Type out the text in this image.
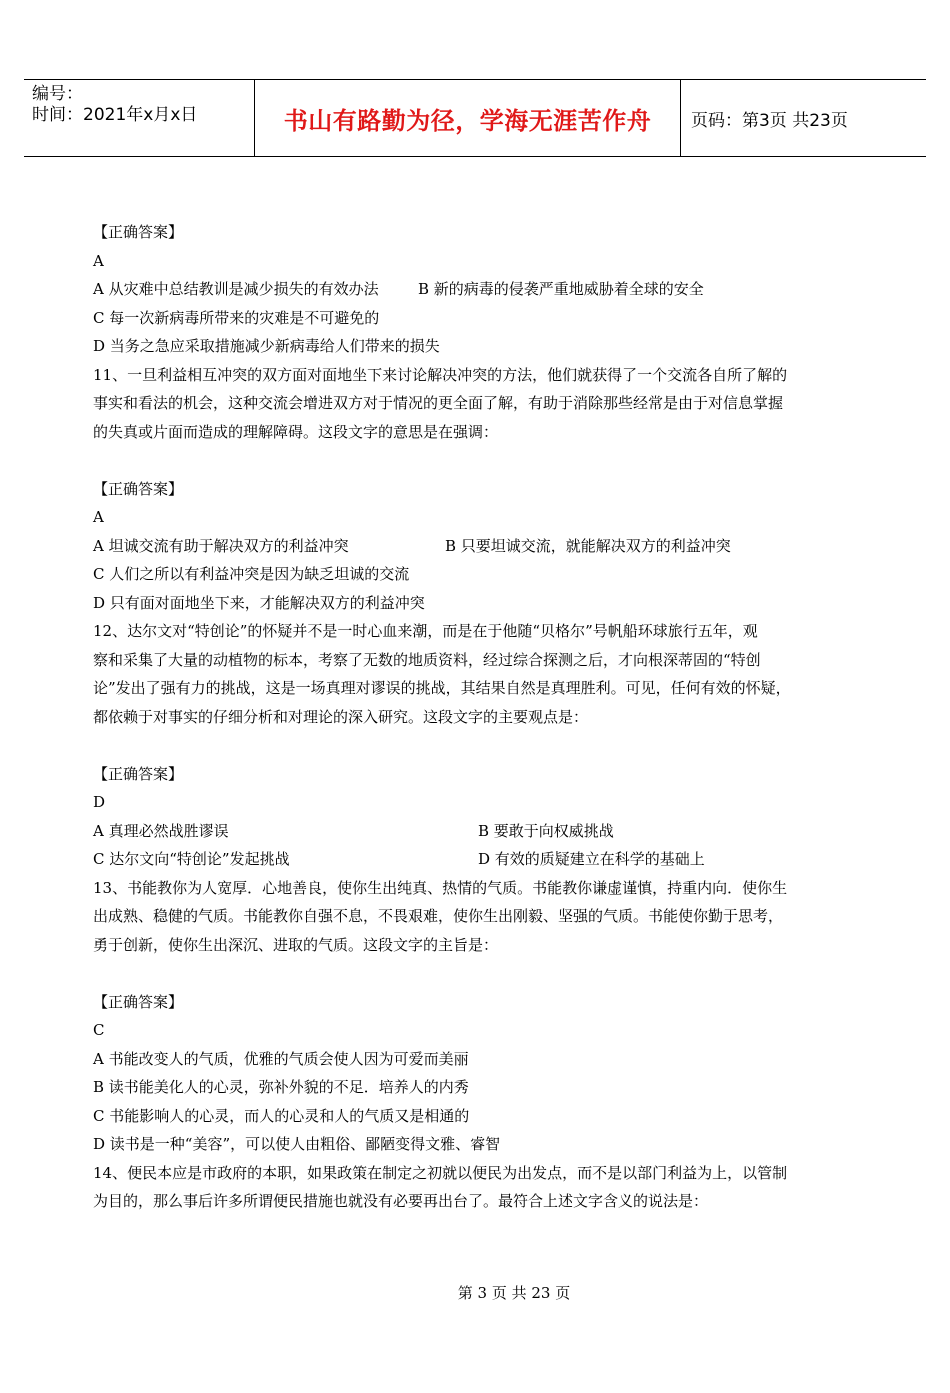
编号：
时间：2021年x月x日	书山有路勤为径，学海无涯苦作舟	页码：第3页 共23页
【正确答案】
A
A 从灾难中总结教训是减少损失的有效办法	B 新的病毒的侵袭严重地威胁着全球的安全
C 每一次新病毒所带来的灾难是不可避免的
D 当务之急应采取措施减少新病毒给人们带来的损失
11、一旦利益相互冲突的双方面对面地坐下来讨论解决冲突的方法，他们就获得了一个交流各自所了解的
事实和看法的机会，这种交流会增进双方对于情况的更全面了解，有助于消除那些经常是由于对信息掌握
的失真或片面而造成的理解障碍。这段文字的意思是在强调：
【正确答案】
A
A 坦诚交流有助于解决双方的利益冲突	B 只要坦诚交流，就能解决双方的利益冲突
C 人们之所以有利益冲突是因为缺乏坦诚的交流
D 只有面对面地坐下来，才能解决双方的利益冲突
12、达尔文对“特创论”的怀疑并不是一时心血来潮，而是在于他随“贝格尔”号帆船环球旅行五年，观
察和采集了大量的动植物的标本，考察了无数的地质资料，经过综合探测之后，才向根深蒂固的“特创
论”发出了强有力的挑战，这是一场真理对谬误的挑战，其结果自然是真理胜利。可见，任何有效的怀疑，
都依赖于对事实的仔细分析和对理论的深入研究。这段文字的主要观点是：
【正确答案】
D
A 真理必然战胜谬误	B 要敢于向权威挑战
C 达尔文向“特创论”发起挑战	D 有效的质疑建立在科学的基础上
13、书能教你为人宽厚．心地善良，使你生出纯真、热情的气质。书能教你谦虚谨慎，持重内向．使你生
出成熟、稳健的气质。书能教你自强不息，不畏艰难，使你生出刚毅、坚强的气质。书能使你勤于思考，
勇于创新，使你生出深沉、进取的气质。这段文字的主旨是：
【正确答案】
C
A 书能改变人的气质，优雅的气质会使人因为可爱而美丽
B 读书能美化人的心灵，弥补外貌的不足．培养人的内秀
C 书能影响人的心灵，而人的心灵和人的气质又是相通的
D 读书是一种“美容”，可以使人由粗俗、鄙陋变得文雅、睿智
14、便民本应是市政府的本职，如果政策在制定之初就以便民为出发点，而不是以部门利益为上，以管制
为目的，那么事后许多所谓便民措施也就没有必要再出台了。最符合上述文字含义的说法是：
第 3 页 共 23 页
